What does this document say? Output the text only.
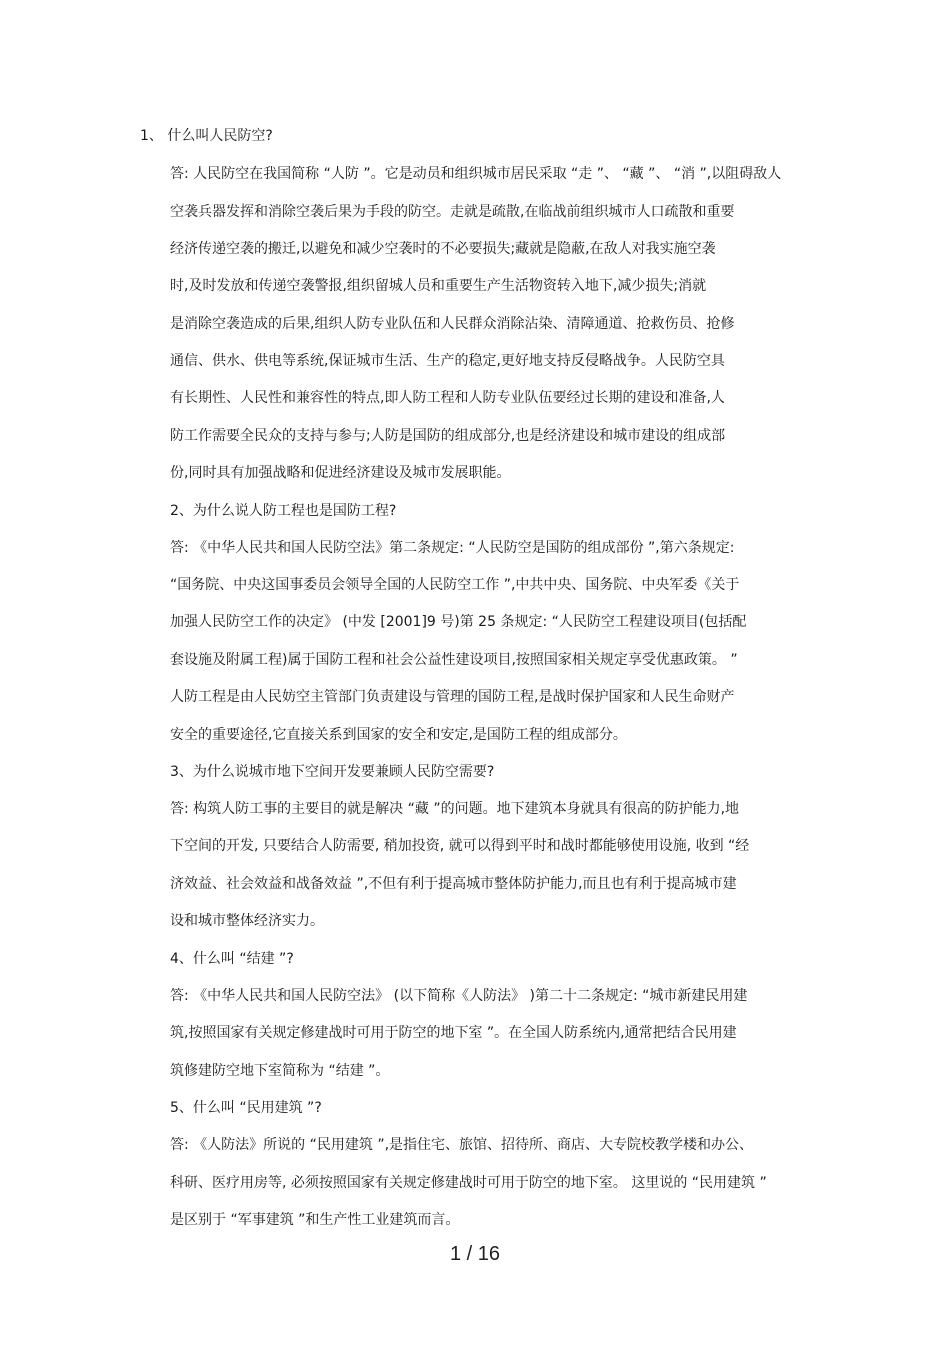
1、 什么叫人民防空?
答: 人民防空在我国简称 “人防 ”。它是动员和组织城市居民采取 “走 ”、 “藏 ”、 “消 ”,以阻碍敌人
空袭兵器发挥和消除空袭后果为手段的防空。走就是疏散,在临战前组织城市人口疏散和重要
经济传递空袭的搬迁,以避免和减少空袭时的不必要损失;藏就是隐蔽,在敌人对我实施空袭
时,及时发放和传递空袭警报,组织留城人员和重要生产生活物资转入地下,减少损失;消就
是消除空袭造成的后果,组织人防专业队伍和人民群众消除沾染、清障通道、抢救伤员、抢修
通信、供水、供电等系统,保证城市生活、生产的稳定,更好地支持反侵略战争。人民防空具
有长期性、人民性和兼容性的特点,即人防工程和人防专业队伍要经过长期的建设和准备,人
防工作需要全民众的支持与参与;人防是国防的组成部分,也是经济建设和城市建设的组成部
份,同时具有加强战略和促进经济建设及城市发展职能。
2、为什么说人防工程也是国防工程?
答: 《中华人民共和国人民防空法》第二条规定: “人民防空是国防的组成部份 ”,第六条规定:
“国务院、中央这国事委员会领导全国的人民防空工作 ”,中共中央、国务院、中央军委《关于
加强人民防空工作的决定》 (中发 [2001]9 号)第 25 条规定: “人民防空工程建设项目(包括配
套设施及附属工程)属于国防工程和社会公益性建设项目,按照国家相关规定享受优惠政策。 ”
人防工程是由人民妨空主管部门负责建设与管理的国防工程,是战时保护国家和人民生命财产
安全的重要途径,它直接关系到国家的安全和安定,是国防工程的组成部分。
3、为什么说城市地下空间开发要兼顾人民防空需要?
答: 构筑人防工事的主要目的就是解决 “藏 ”的问题。地下建筑本身就具有很高的防护能力,地
下空间的开发, 只要结合人防需要, 稍加投资, 就可以得到平时和战时都能够使用设施, 收到 “经
济效益、社会效益和战备效益 ”,不但有利于提高城市整体防护能力,而且也有利于提高城市建
设和城市整体经济实力。
4、什么叫 “结建 ”?
答: 《中华人民共和国人民防空法》 (以下简称《人防法》 )第二十二条规定: “城市新建民用建
筑,按照国家有关规定修建战时可用于防空的地下室 ”。在全国人防系统内,通常把结合民用建
筑修建防空地下室简称为 “结建 ”。
5、什么叫 “民用建筑 ”?
答: 《人防法》所说的 “民用建筑 ”,是指住宅、旅馆、招待所、商店、大专院校教学楼和办公、
科研、医疗用房等, 必须按照国家有关规定修建战时可用于防空的地下室。 这里说的 “民用建筑 ”
是区别于 “军事建筑 ”和生产性工业建筑而言。
1 / 16
